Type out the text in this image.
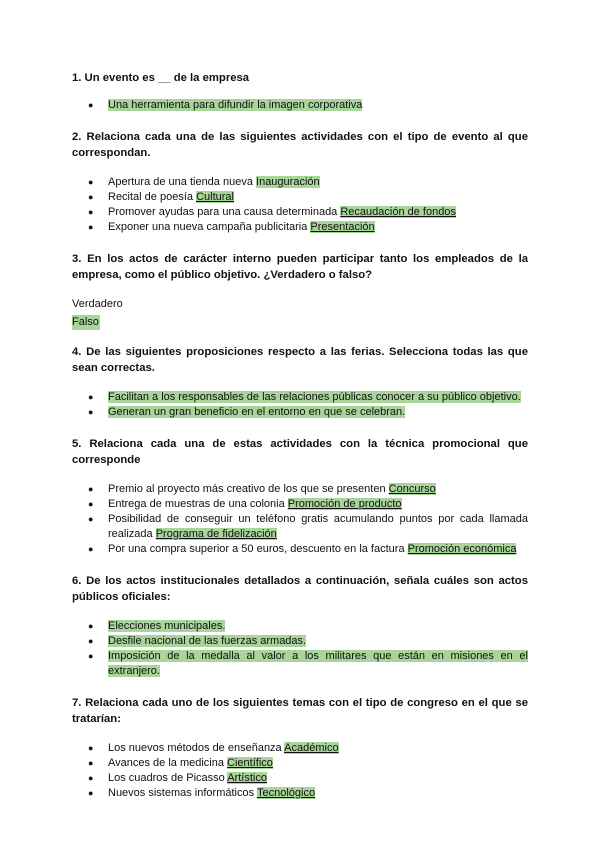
1. Un evento es __ de la empresa

● Una herramienta para difundir la imagen corporativa

2. Relaciona cada una de las siguientes actividades con el tipo de evento al que correspondan.

● Apertura de una tienda nueva Inauguración
● Recital de poesía Cultural
● Promover ayudas para una causa determinada Recaudación de fondos
● Exponer una nueva campaña publicitaria Presentación

3. En los actos de carácter interno pueden participar tanto los empleados de la empresa, como el público objetivo. ¿Verdadero o falso?

Verdadero
Falso

4. De las siguientes proposiciones respecto a las ferias. Selecciona todas las que sean correctas.

● Facilitan a los responsables de las relaciones públicas conocer a su público objetivo.
● Generan un gran beneficio en el entorno en que se celebran.

5. Relaciona cada una de estas actividades con la técnica promocional que corresponde

● Premio al proyecto más creativo de los que se presenten Concurso
● Entrega de muestras de una colonia Promoción de producto
● Posibilidad de conseguir un teléfono gratis acumulando puntos por cada llamada realizada Programa de fidelización
● Por una compra superior a 50 euros, descuento en la factura Promoción económica

6. De los actos institucionales detallados a continuación, señala cuáles son actos públicos oficiales:

● Elecciones municipales.
● Desfile nacional de las fuerzas armadas.
● Imposición de la medalla al valor a los militares que están en misiones en el extranjero.

7. Relaciona cada uno de los siguientes temas con el tipo de congreso en el que se tratarían:

● Los nuevos métodos de enseñanza Académico
● Avances de la medicina Científico
● Los cuadros de Picasso Artístico
● Nuevos sistemas informáticos Tecnológico
